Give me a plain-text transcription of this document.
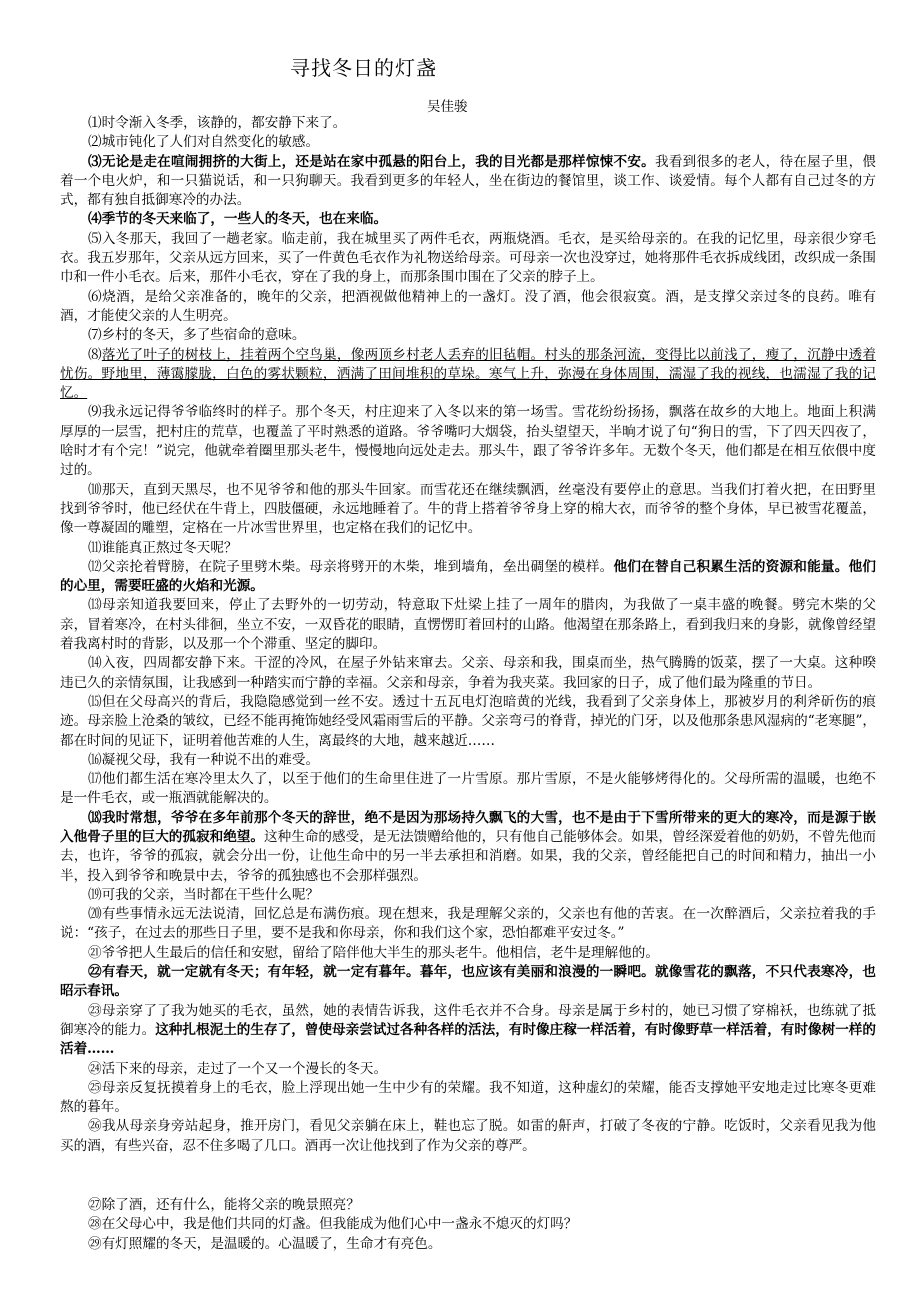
寻找冬日的灯盏
吴佳骏

⑴时令渐入冬季，该静的，都安静下来了。

⑵城市钝化了人们对自然变化的敏感。

⑶无论是走在喧闹拥挤的大街上，还是站在家中孤悬的阳台上，我的目光都是那样惊悚不安。我看到很多的老人，待在屋子里，偎着一个电火炉，和一只猫说话，和一只狗聊天。我看到更多的年轻人，坐在街边的餐馆里，谈工作、谈爱情。每个人都有自己过冬的方式，都有独自抵御寒冷的办法。

⑷季节的冬天来临了，一些人的冬天，也在来临。

⑸入冬那天，我回了一趟老家。临走前，我在城里买了两件毛衣，两瓶烧酒。毛衣，是买给母亲的。在我的记忆里，母亲很少穿毛衣。我五岁那年，父亲从远方回来，买了一件黄色毛衣作为礼物送给母亲。可母亲一次也没穿过，她将那件毛衣拆成线团，改织成一条围巾和一件小毛衣。后来，那件小毛衣，穿在了我的身上，而那条围巾围在了父亲的脖子上。

⑹烧酒，是给父亲准备的，晚年的父亲，把酒视做他精神上的一盏灯。没了酒，他会很寂寞。酒，是支撑父亲过冬的良药。唯有酒，才能使父亲的人生明亮。

⑺乡村的冬天，多了些宿命的意味。

⑻落光了叶子的树枝上，挂着两个空鸟巢，像两顶乡村老人丢弃的旧毡帽。村头的那条河流，变得比以前浅了，瘦了，沉静中透着忧伤。野地里，薄霭朦胧，白色的雾状颗粒，洒满了田间堆积的草垛。寒气上升，弥漫在身体周围，濡湿了我的视线，也濡湿了我的记忆。

⑼我永远记得爷爷临终时的样子。那个冬天，村庄迎来了入冬以来的第一场雪。雪花纷纷扬扬，飘落在故乡的大地上。地面上积满厚厚的一层雪，把村庄的荒草，也覆盖了平时熟悉的道路。爷爷嘴叼大烟袋，抬头望望天，半晌才说了句“狗日的雪，下了四天四夜了，啥时才有个完！”说完，他就牵着圈里那头老牛，慢慢地向远处走去。那头牛，跟了爷爷许多年。无数个冬天，他们都是在相互依偎中度过的。

⑽那天，直到天黑尽，也不见爷爷和他的那头牛回家。而雪花还在继续飘洒，丝毫没有要停止的意思。当我们打着火把，在田野里找到爷爷时，他已经伏在牛背上，四肢僵硬，永远地睡着了。牛的背上搭着爷爷身上穿的棉大衣，而爷爷的整个身体，早已被雪花覆盖，像一尊凝固的雕塑，定格在一片冰雪世界里，也定格在我们的记忆中。

⑾谁能真正熬过冬天呢？

⑿父亲抡着臂膀，在院子里劈木柴。母亲将劈开的木柴，堆到墙角，垒出碉堡的模样。他们在替自己积累生活的资源和能量。他们的心里，需要旺盛的火焰和光源。

⒀母亲知道我要回来，停止了去野外的一切劳动，特意取下灶梁上挂了一周年的腊肉，为我做了一桌丰盛的晚餐。劈完木柴的父亲，冒着寒冷，在村头徘徊，坐立不安，一双昏花的眼睛，直愣愣盯着回村的山路。他渴望在那条路上，看到我归来的身影，就像曾经望着我离村时的背影，以及那一个个滞重、坚定的脚印。

⒁入夜，四周都安静下来。干涩的冷风，在屋子外钻来窜去。父亲、母亲和我，围桌而坐，热气腾腾的饭菜，摆了一大桌。这种暌违已久的亲情氛围，让我感到一种踏实而宁静的幸福。父亲和母亲，争着为我夹菜。我回家的日子，成了他们最为隆重的节日。

⒂但在父母高兴的背后，我隐隐感觉到一丝不安。透过十五瓦电灯泡暗黄的光线，我看到了父亲身体上，那被岁月的利斧斫伤的痕迹。母亲脸上沧桑的皱纹，已经不能再掩饰她经受风霜雨雪后的平静。父亲弯弓的脊背，掉光的门牙，以及他那条患风湿病的“老寒腿”，都在时间的见证下，证明着他苦难的人生，离最终的大地，越来越近……

⒃凝视父母，我有一种说不出的难受。

⒄他们都生活在寒冷里太久了，以至于他们的生命里住进了一片雪原。那片雪原，不是火能够烤得化的。父母所需的温暖，也绝不是一件毛衣，或一瓶酒就能解决的。

⒅我时常想，爷爷在多年前那个冬天的辞世，绝不是因为那场持久飘飞的大雪，也不是由于下雪所带来的更大的寒冷，而是源于嵌入他骨子里的巨大的孤寂和绝望。这种生命的感受，是无法馈赠给他的，只有他自己能够体会。如果，曾经深爱着他的奶奶，不曾先他而去，也许，爷爷的孤寂，就会分出一份，让他生命中的另一半去承担和消磨。如果，我的父亲，曾经能把自己的时间和精力，抽出一小半，投入到爷爷和晚景中去，爷爷的孤独感也不会那样强烈。

⒆可我的父亲，当时都在干些什么呢？

⒇有些事情永远无法说清，回忆总是布满伤痕。现在想来，我是理解父亲的，父亲也有他的苦衷。在一次醉酒后，父亲拉着我的手说：“孩子，在过去的那些日子里，要不是我和你母亲，你和我们这个家，恐怕都难平安过冬。”

㉑爷爷把人生最后的信任和安慰，留给了陪伴他大半生的那头老牛。他相信，老牛是理解他的。

㉒有春天，就一定就有冬天；有年轻，就一定有暮年。暮年，也应该有美丽和浪漫的一瞬吧。就像雪花的飘落，不只代表寒冷，也昭示春讯。

㉓母亲穿了了我为她买的毛衣，虽然，她的表情告诉我，这件毛衣并不合身。母亲是属于乡村的，她已习惯了穿棉袄，也练就了抵御寒冷的能力。这种扎根泥土的生存了，曾使母亲尝试过各种各样的活法，有时像庄稼一样活着，有时像野草一样活着，有时像树一样的活着……

㉔活下来的母亲，走过了一个又一个漫长的冬天。

㉕母亲反复抚摸着身上的毛衣，脸上浮现出她一生中少有的荣耀。我不知道，这种虚幻的荣耀，能否支撑她平安地走过比寒冬更难熬的暮年。

㉖我从母亲身旁站起身，推开房门，看见父亲躺在床上，鞋也忘了脱。如雷的鼾声，打破了冬夜的宁静。吃饭时，父亲看见我为他买的酒，有些兴奋，忍不住多喝了几口。酒再一次让他找到了作为父亲的尊严。

㉗除了酒，还有什么，能将父亲的晚景照亮？

㉘在父母心中，我是他们共同的灯盏。但我能成为他们心中一盏永不熄灭的灯吗？

㉙有灯照耀的冬天，是温暖的。心温暖了，生命才有亮色。
